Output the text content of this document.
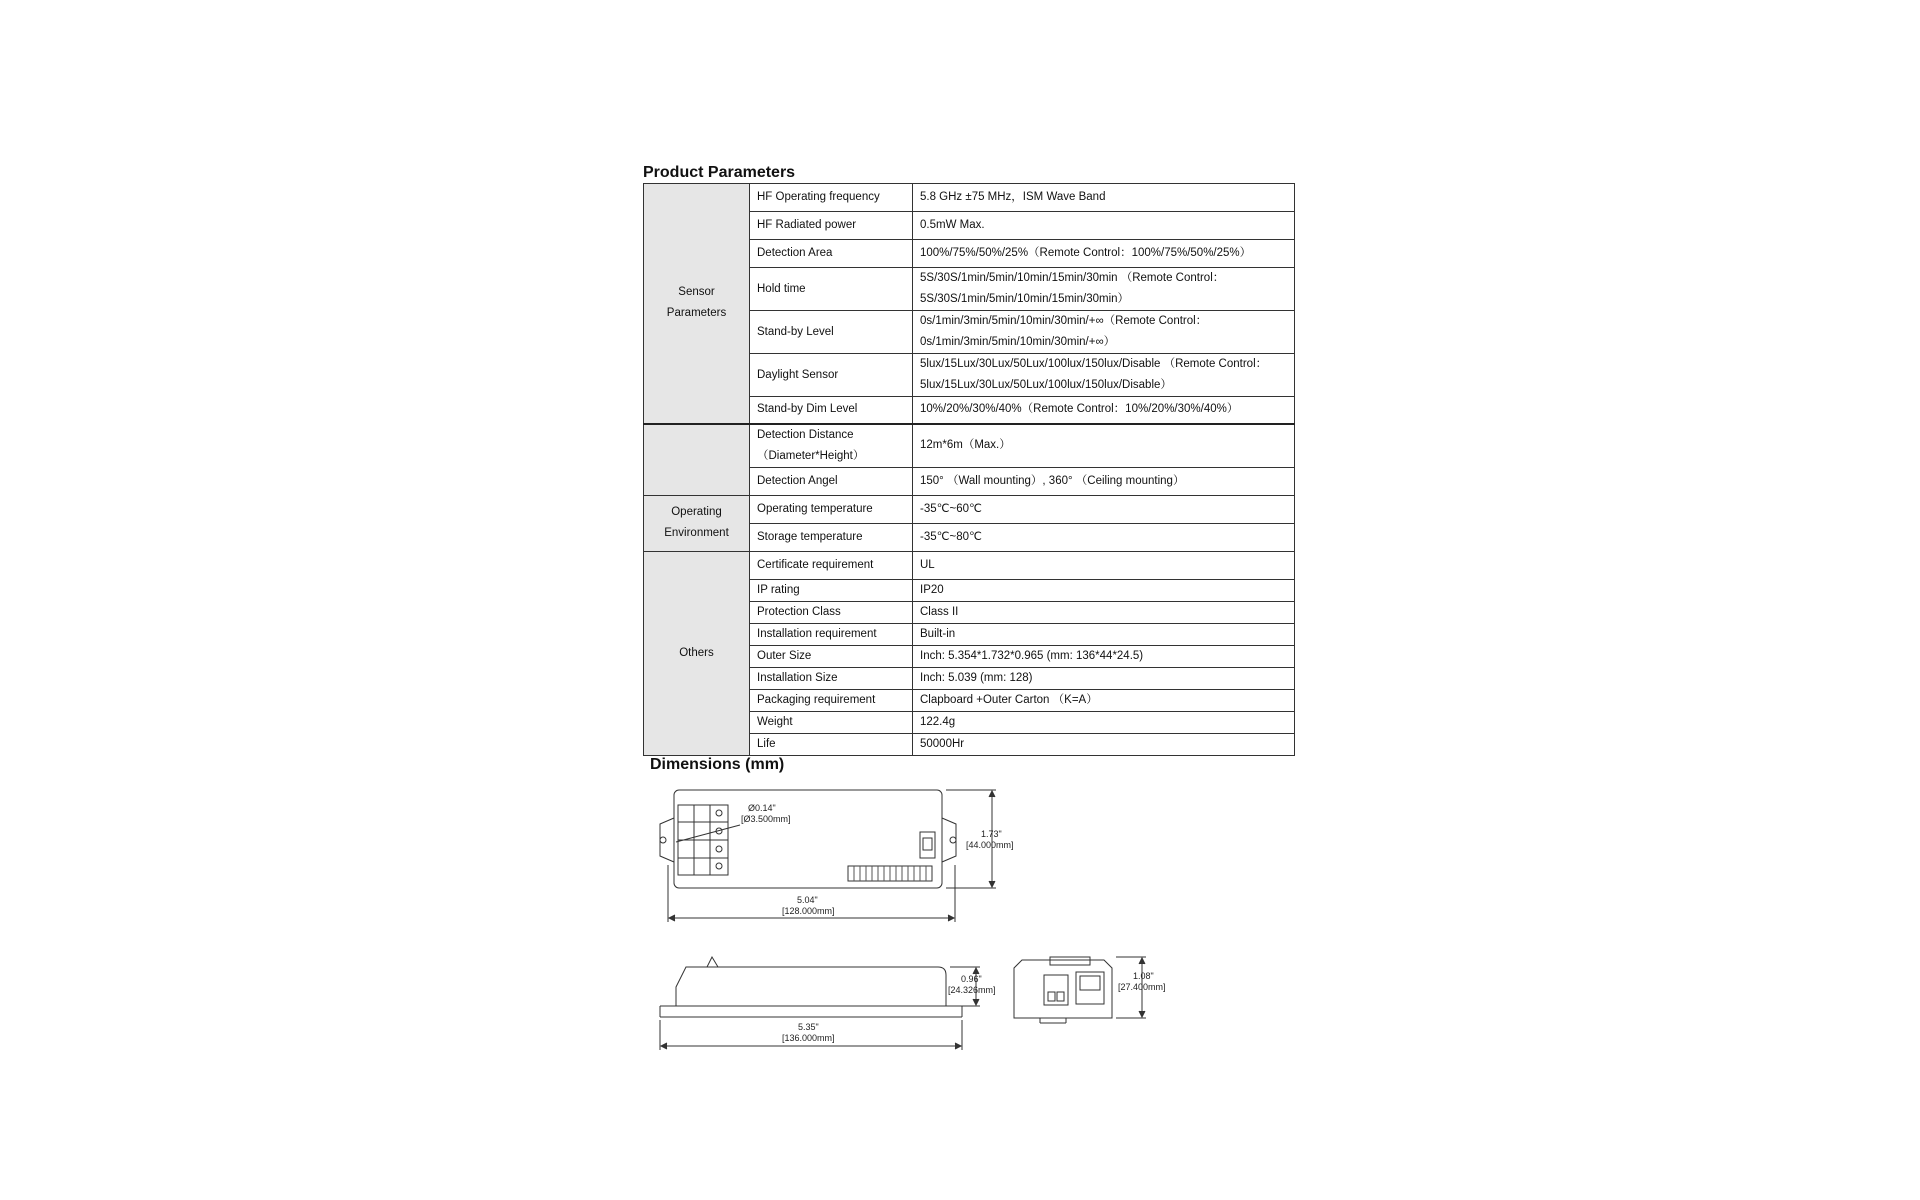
Product Parameters
Sensor
Parameters	HF Operating frequency	5.8 GHz ±75 MHz，ISM Wave Band
	HF Radiated power	0.5mW Max.
	Detection Area	100%/75%/50%/25%（Remote Control：100%/75%/50%/25%）
	Hold time	5S/30S/1min/5min/10min/15min/30min （Remote Control：
5S/30S/1min/5min/10min/15min/30min）
	Stand-by Level	0s/1min/3min/5min/10min/30min/+∞（Remote Control：
0s/1min/3min/5min/10min/30min/+∞）
	Daylight Sensor	5lux/15Lux/30Lux/50Lux/100lux/150lux/Disable （Remote Control：
5lux/15Lux/30Lux/50Lux/100lux/150lux/Disable）
	Stand-by Dim Level	10%/20%/30%/40%（Remote Control：10%/20%/30%/40%）
	Detection Distance
（Diameter*Height）	12m*6m（Max.）
	Detection Angel	150° （Wall mounting）, 360° （Ceiling mounting）
Operating
Environment	Operating temperature	-35℃~60℃
	Storage temperature	-35℃~80℃
Others	Certificate requirement	UL
	IP rating	IP20
	Protection Class	Class II
	Installation requirement	Built-in
	Outer Size	Inch: 5.354*1.732*0.965 (mm: 136*44*24.5)
	Installation Size	Inch: 5.039 (mm: 128)
	Packaging requirement	Clapboard +Outer Carton （K=A）
	Weight	122.4g
	Life	50000Hr
Dimensions (mm)
Ø0.14"
[Ø3.500mm]
1.73"
[44.000mm]
5.04"
[128.000mm]
0.96"
[24.326mm]
5.35"
[136.000mm]
1.08"
[27.400mm]
